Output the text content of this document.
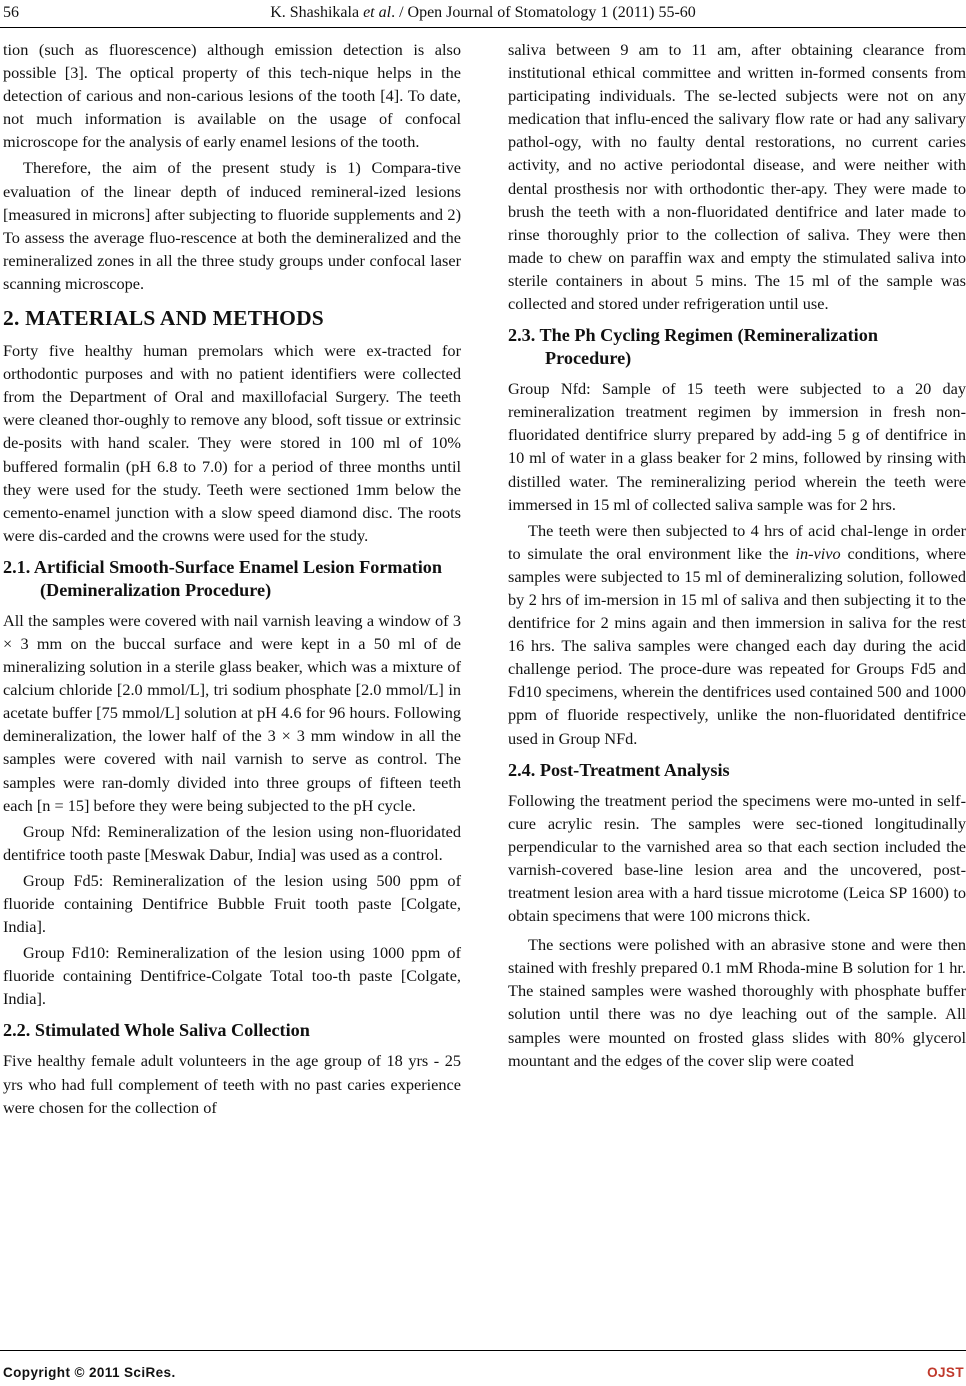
56	K. Shashikala et al. / Open Journal of Stomatology 1 (2011) 55-60

tion (such as fluorescence) although emission detection is also possible [3]. The optical property of this tech-nique helps in the detection of carious and non-carious lesions of the tooth [4]. To date, not much information is available on the usage of confocal microscope for the analysis of early enamel lesions of the tooth.

Therefore, the aim of the present study is 1) Compara-tive evaluation of the linear depth of induced remineral-ized lesions [measured in microns] after subjecting to fluoride supplements and 2) To assess the average fluo-rescence at both the demineralized and the remineralized zones in all the three study groups under confocal laser scanning microscope.

2. MATERIALS AND METHODS

Forty five healthy human premolars which were ex-tracted for orthodontic purposes and with no patient identifiers were collected from the Department of Oral and maxillofacial Surgery. The teeth were cleaned thor-oughly to remove any blood, soft tissue or extrinsic de-posits with hand scaler. They were stored in 100 ml of 10% buffered formalin (pH 6.8 to 7.0) for a period of three months until they were used for the study. Teeth were sectioned 1mm below the cemento-enamel junction with a slow speed diamond disc. The roots were dis-carded and the crowns were used for the study.

2.1. Artificial Smooth-Surface Enamel Lesion Formation (Demineralization Procedure)

All the samples were covered with nail varnish leaving a window of 3 × 3 mm on the buccal surface and were kept in a 50 ml of de mineralizing solution in a sterile glass beaker, which was a mixture of calcium chloride [2.0 mmol/L], tri sodium phosphate [2.0 mmol/L] in acetate buffer [75 mmol/L] solution at pH 4.6 for 96 hours. Following demineralization, the lower half of the 3 × 3 mm window in all the samples were covered with nail varnish to serve as control. The samples were ran-domly divided into three groups of fifteen teeth each [n = 15] before they were being subjected to the pH cycle.

Group Nfd: Remineralization of the lesion using non-fluoridated dentifrice tooth paste [Meswak Dabur, India] was used as a control.

Group Fd5: Remineralization of the lesion using 500 ppm of fluoride containing Dentifrice Bubble Fruit tooth paste [Colgate, India].

Group Fd10: Remineralization of the lesion using 1000 ppm of fluoride containing Dentifrice-Colgate Total too-th paste [Colgate, India].

2.2. Stimulated Whole Saliva Collection

Five healthy female adult volunteers in the age group of 18 yrs - 25 yrs who had full complement of teeth with no past caries experience were chosen for the collection of

saliva between 9 am to 11 am, after obtaining clearance from institutional ethical committee and written in-formed consents from participating individuals. The se-lected subjects were not on any medication that influ-enced the salivary flow rate or had any salivary pathol-ogy, with no faulty dental restorations, no current caries activity, and no active periodontal disease, and were neither with dental prosthesis nor with orthodontic ther-apy. They were made to brush the teeth with a non-fluoridated dentifrice and later made to rinse thoroughly prior to the collection of saliva. They were then made to chew on paraffin wax and empty the stimulated saliva into sterile containers in about 5 mins. The 15 ml of the sample was collected and stored under refrigeration until use.

2.3. The Ph Cycling Regimen (Remineralization Procedure)

Group Nfd: Sample of 15 teeth were subjected to a 20 day remineralization treatment regimen by immersion in fresh non-fluoridated dentifrice slurry prepared by add-ing 5 g of dentifrice in 10 ml of water in a glass beaker for 2 mins, followed by rinsing with distilled water. The remineralizing period wherein the teeth were immersed in 15 ml of collected saliva sample was for 2 hrs.

The teeth were then subjected to 4 hrs of acid chal-lenge in order to simulate the oral environment like the in-vivo conditions, where samples were subjected to 15 ml of demineralizing solution, followed by 2 hrs of im-mersion in 15 ml of saliva and then subjecting it to the dentifrice for 2 mins again and then immersion in saliva for the rest 16 hrs. The saliva samples were changed each day during the acid challenge period. The proce-dure was repeated for Groups Fd5 and Fd10 specimens, wherein the dentifrices used contained 500 and 1000 ppm of fluoride respectively, unlike the non-fluoridated dentifrice used in Group NFd.

2.4. Post-Treatment Analysis

Following the treatment period the specimens were mo-unted in self-cure acrylic resin. The samples were sec-tioned longitudinally perpendicular to the varnished area so that each section included the varnish-covered base-line lesion area and the uncovered, post-treatment lesion area with a hard tissue microtome (Leica SP 1600) to obtain specimens that were 100 microns thick.

The sections were polished with an abrasive stone and were then stained with freshly prepared 0.1 mM Rhoda-mine B solution for 1 hr. The stained samples were washed thoroughly with phosphate buffer solution until there was no dye leaching out of the sample. All samples were mounted on frosted glass slides with 80% glycerol mountant and the edges of the cover slip were coated

Copyright © 2011 SciRes.	OJST
